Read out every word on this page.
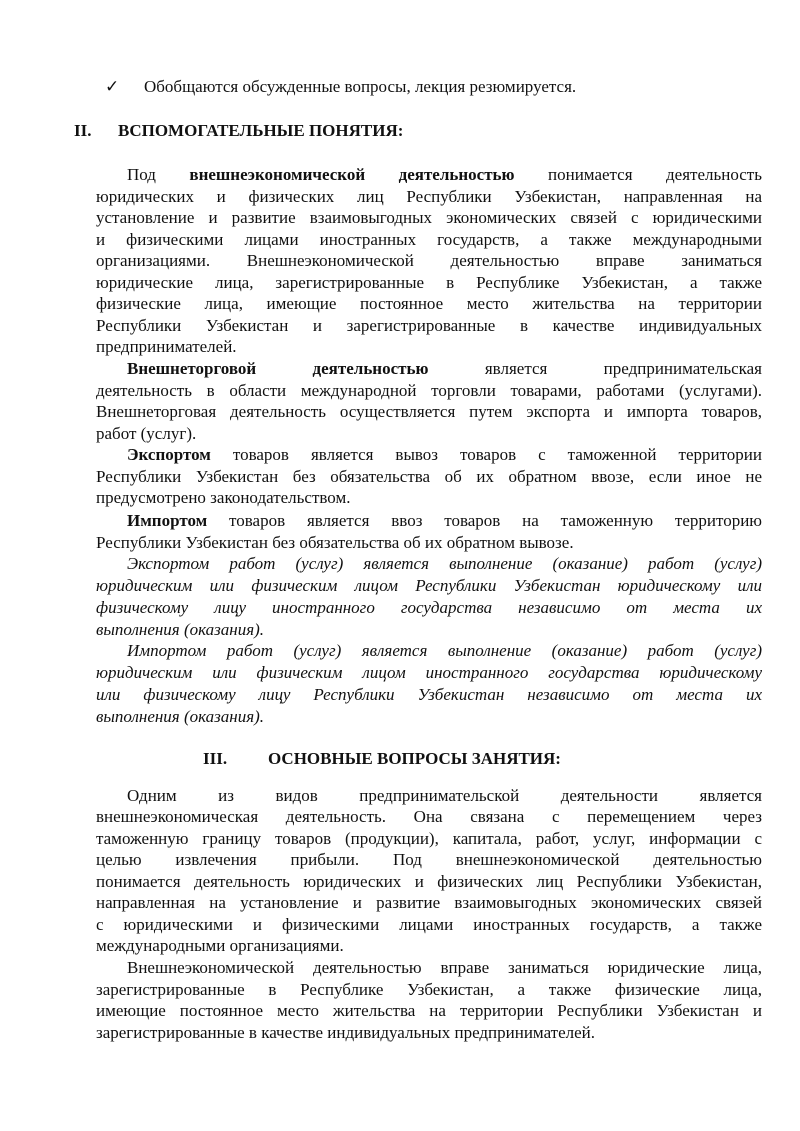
✓ Обобщаются обсужденные вопросы, лекция резюмируется.
II. ВСПОМОГАТЕЛЬНЫЕ ПОНЯТИЯ:
Под внешнеэкономической деятельностью понимается деятельность
юридических и физических лиц Республики Узбекистан, направленная на
установление и развитие взаимовыгодных экономических связей с юридическими
и физическими лицами иностранных государств, а также международными
организациями. Внешнеэкономической деятельностью вправе заниматься
юридические лица, зарегистрированные в Республике Узбекистан, а также
физические лица, имеющие постоянное место жительства на территории
Республики Узбекистан и зарегистрированные в качестве индивидуальных
предпринимателей.
Внешнеторговой деятельностью	является предпринимательская
деятельность в области международной торговли товарами, работами (услугами).
Внешнеторговая деятельность осуществляется путем экспорта и импорта товаров,
работ (услуг).
Экспортом товаров является вывоз товаров с таможенной территории
Республики Узбекистан без обязательства об их обратном ввозе, если иное не
предусмотрено законодательством.
Импортом товаров является ввоз товаров на таможенную территорию
Республики Узбекистан без обязательства об их обратном вывозе.
Экспортом работ (услуг) является выполнение (оказание) работ (услуг)
юридическим или физическим лицом Республики Узбекистан юридическому или
физическому лицу иностранного государства независимо от места их
выполнения (оказания).
Импортом работ (услуг) является выполнение (оказание) работ (услуг)
юридическим или физическим лицом иностранного государства юридическому
или физическому лицу Республики Узбекистан независимо от места их
выполнения (оказания).
III. ОСНОВНЫЕ ВОПРОСЫ ЗАНЯТИЯ:
Одним из видов предпринимательской деятельности является
внешнеэкономическая деятельность. Она связана с перемещением через
таможенную границу товаров (продукции), капитала, работ, услуг, информации с
целью извлечения прибыли. Под внешнеэкономической деятельностью
понимается деятельность юридических и физических лиц Республики Узбекистан,
направленная на установление и развитие взаимовыгодных экономических связей
с юридическими и физическими лицами иностранных государств, а также
международными организациями.
Внешнеэкономической деятельностью вправе заниматься юридические лица,
зарегистрированные в Республике Узбекистан, а также физические лица,
имеющие постоянное место жительства на территории Республики Узбекистан и
зарегистрированные в качестве индивидуальных предпринимателей.
